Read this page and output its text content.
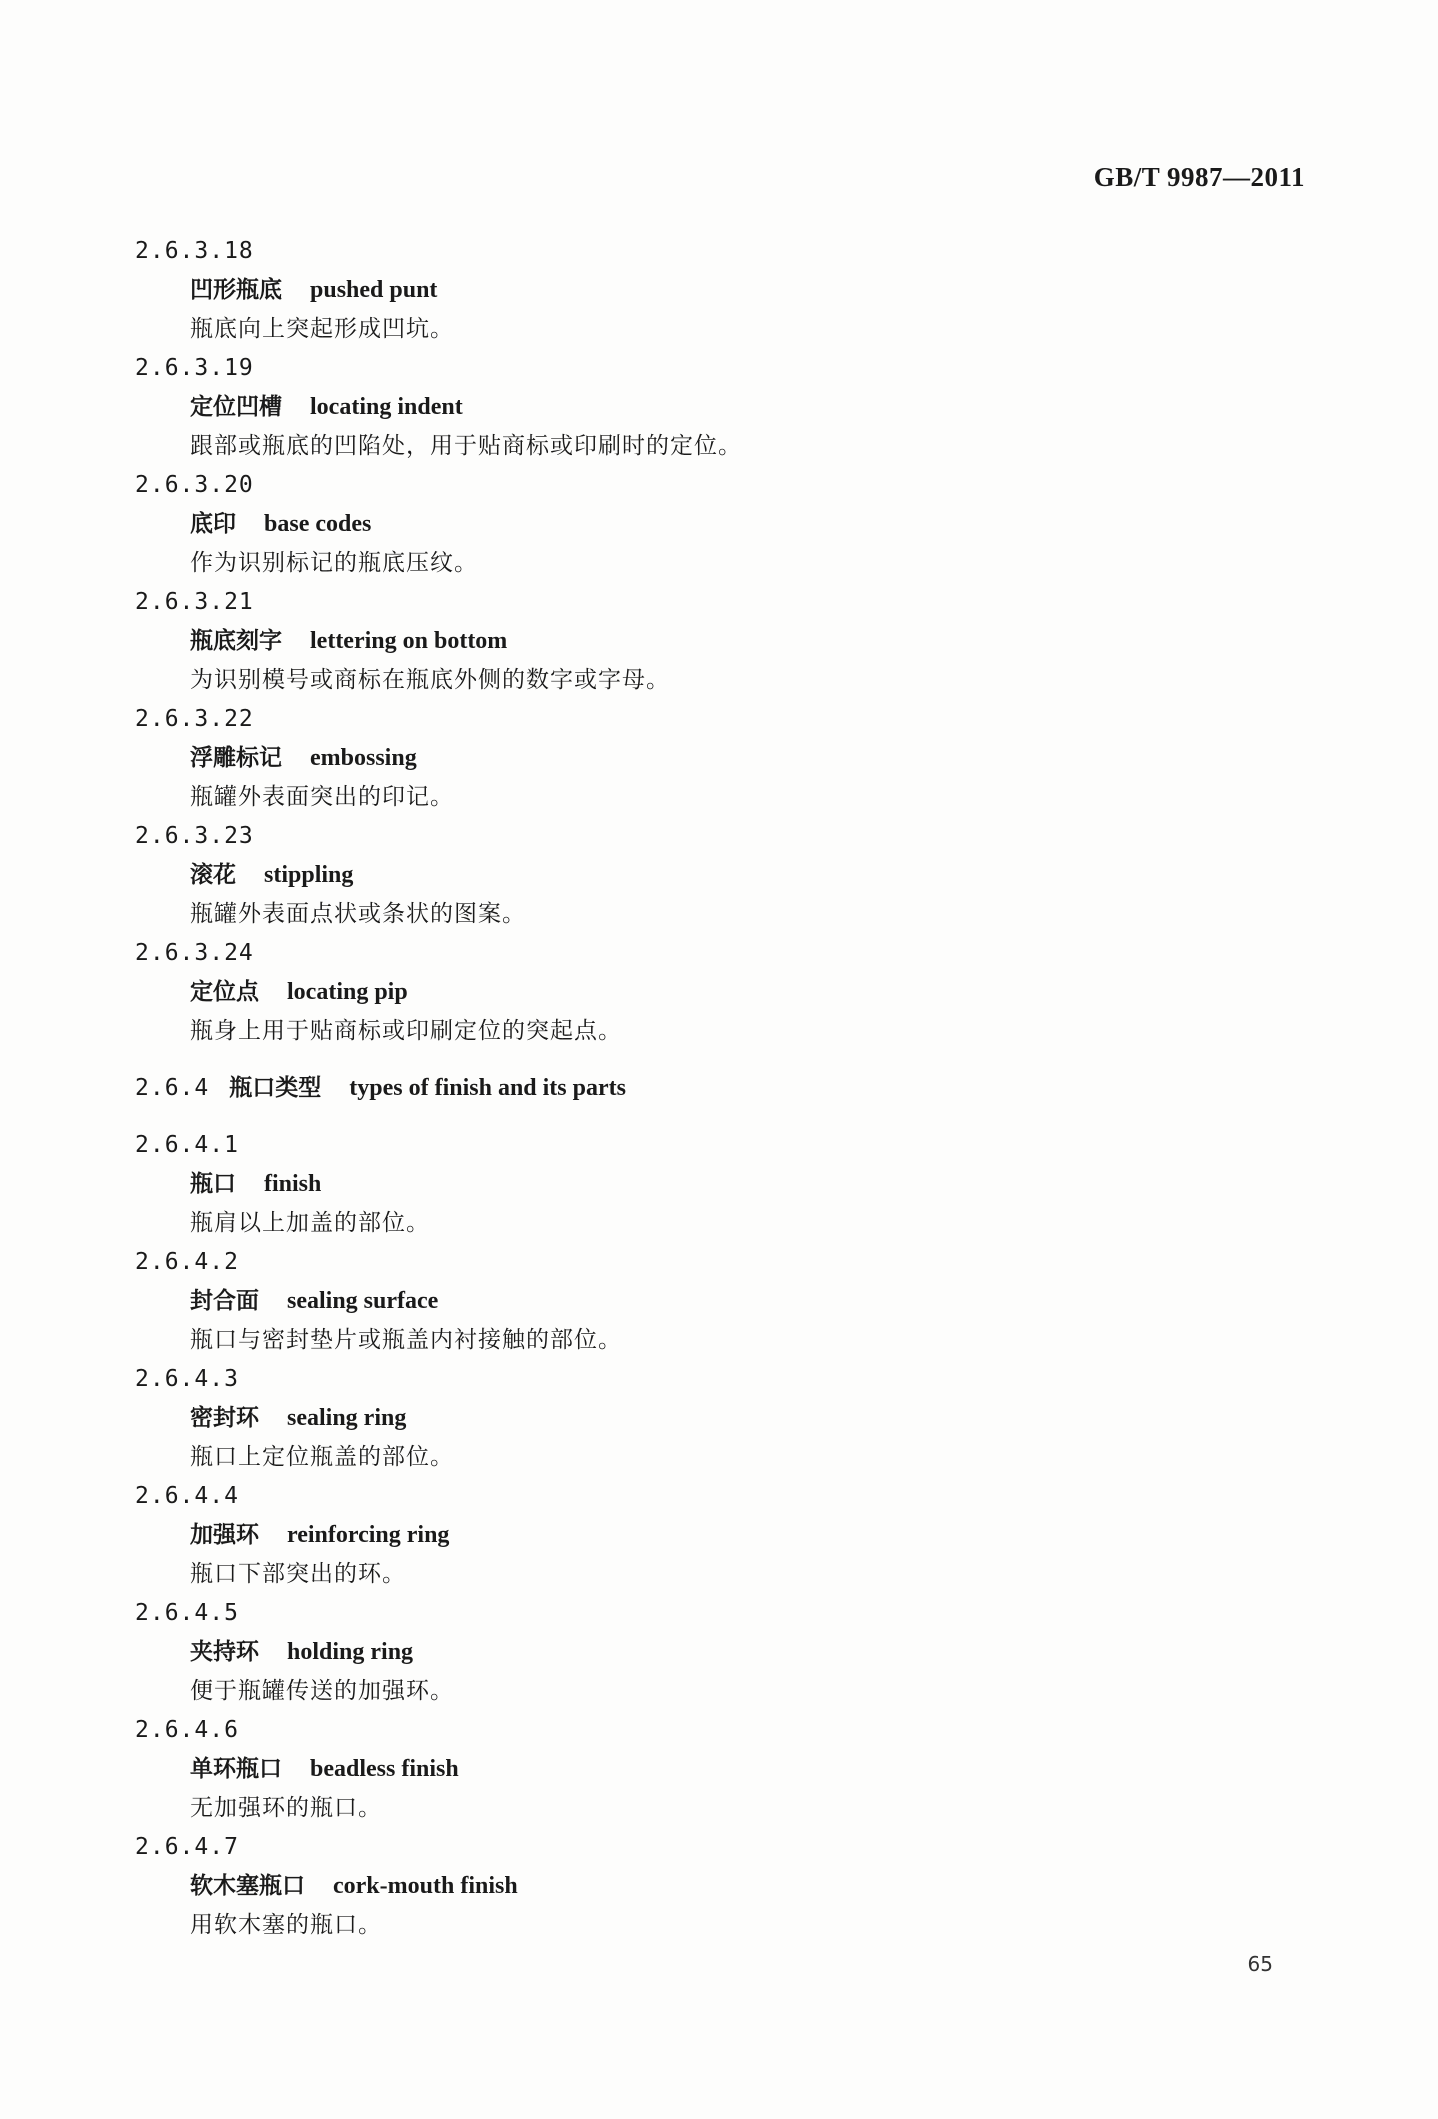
GB/T 9987—2011
2.6.3.18
凹形瓶底 pushed punt
瓶底向上突起形成凹坑。
2.6.3.19
定位凹槽 locating indent
跟部或瓶底的凹陷处，用于贴商标或印刷时的定位。
2.6.3.20
底印 base codes
作为识别标记的瓶底压纹。
2.6.3.21
瓶底刻字 lettering on bottom
为识别模号或商标在瓶底外侧的数字或字母。
2.6.3.22
浮雕标记 embossing
瓶罐外表面突出的印记。
2.6.3.23
滚花 stippling
瓶罐外表面点状或条状的图案。
2.6.3.24
定位点 locating pip
瓶身上用于贴商标或印刷定位的突起点。
2.6.4 瓶口类型 types of finish and its parts
2.6.4.1
瓶口 finish
瓶肩以上加盖的部位。
2.6.4.2
封合面 sealing surface
瓶口与密封垫片或瓶盖内衬接触的部位。
2.6.4.3
密封环 sealing ring
瓶口上定位瓶盖的部位。
2.6.4.4
加强环 reinforcing ring
瓶口下部突出的环。
2.6.4.5
夹持环 holding ring
便于瓶罐传送的加强环。
2.6.4.6
单环瓶口 beadless finish
无加强环的瓶口。
2.6.4.7
软木塞瓶口 cork-mouth finish
用软木塞的瓶口。
65
